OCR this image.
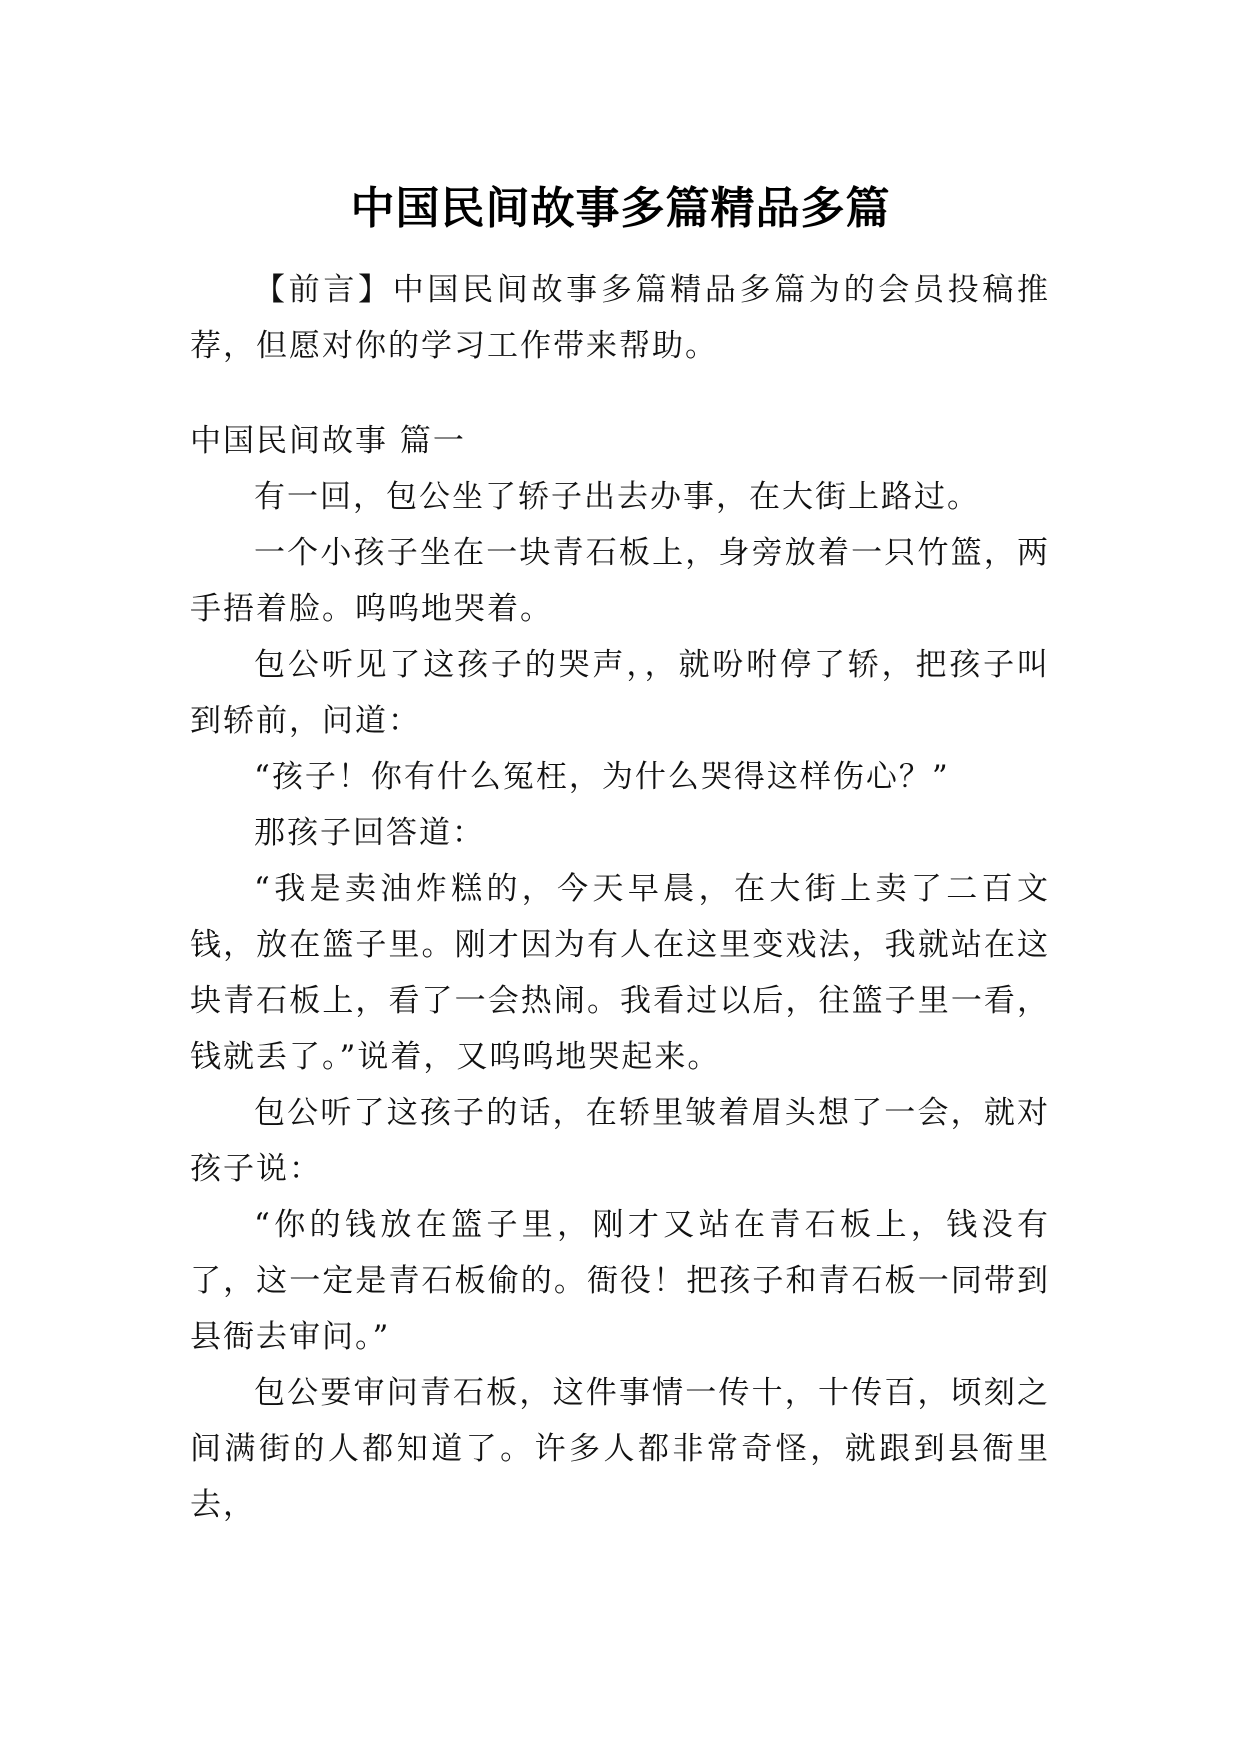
中国民间故事多篇精品多篇

【前言】中国民间故事多篇精品多篇为的会员投稿推荐，但愿对你的学习工作带来帮助。

中国民间故事 篇一

有一回，包公坐了轿子出去办事，在大街上路过。

一个小孩子坐在一块青石板上，身旁放着一只竹篮，两手捂着脸。呜呜地哭着。

包公听见了这孩子的哭声，，就吩咐停了轿，把孩子叫到轿前，问道：

“孩子！你有什么冤枉，为什么哭得这样伤心？”

那孩子回答道：

“我是卖油炸糕的，今天早晨，在大街上卖了二百文钱，放在篮子里。刚才因为有人在这里变戏法，我就站在这块青石板上，看了一会热闹。我看过以后，往篮子里一看，钱就丢了。”说着，又呜呜地哭起来。

包公听了这孩子的话，在轿里皱着眉头想了一会，就对孩子说：

“你的钱放在篮子里，刚才又站在青石板上，钱没有了，这一定是青石板偷的。衙役！把孩子和青石板一同带到县衙去审问。”

包公要审问青石板，这件事情一传十，十传百，顷刻之间满街的人都知道了。许多人都非常奇怪，就跟到县衙里去，
